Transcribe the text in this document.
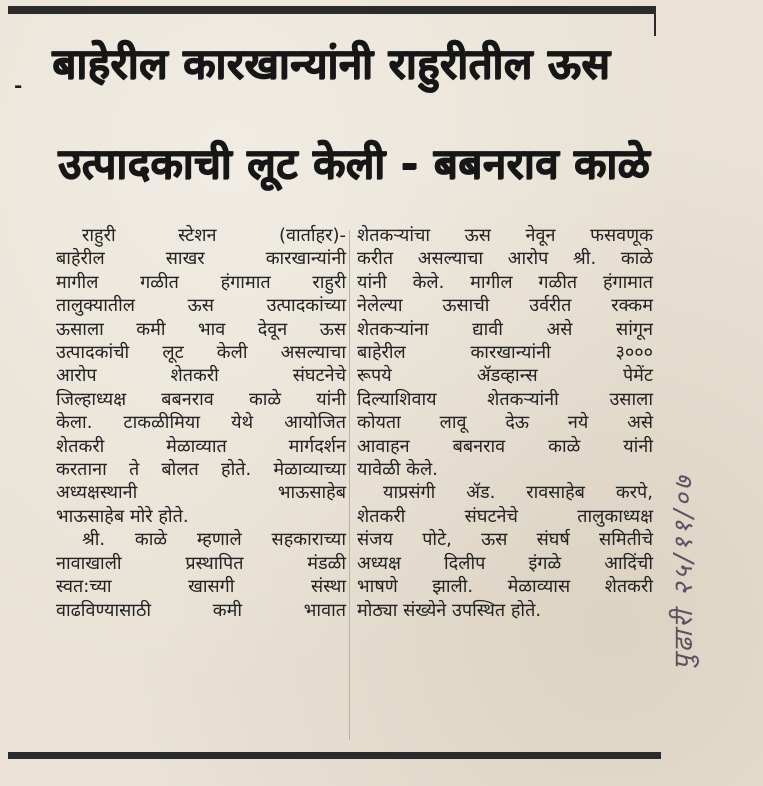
- बाहेरील कारखान्यांनी राहुरीतील ऊस
उत्पादकाची लूट केली - बबनराव काळे

राहुरी स्टेशन (वार्ताहर)-

बाहेरील साखर कारखान्यांनी

मागील गळीत हंगामात राहुरी

तालुक्यातील ऊस उत्पादकांच्या

ऊसाला कमी भाव देवून ऊस

उत्पादकांची लूट केली असल्याचा

आरोप शेतकरी संघटनेचे

जिल्हाध्यक्ष बबनराव काळे यांनी

केला. टाकळीमिया येथे आयोजित

शेतकरी मेळाव्यात मार्गदर्शन

करताना ते बोलत होते. मेळाव्याच्या

अध्यक्षस्थानी भाऊसाहेब

भाऊसाहेब मोरे होते.

श्री. काळे म्हणाले सहकाराच्या

नावाखाली प्रस्थापित मंडळी

स्वत:च्या खासगी संस्था

वाढविण्यासाठी कमी भावात

शेतकऱ्यांचा ऊस नेवून फसवणूक

करीत असल्याचा आरोप श्री. काळे

यांनी केले. मागील गळीत हंगामात

नेलेल्या ऊसाची उर्वरीत रक्कम

शेतकऱ्यांना द्यावी असे सांगून

बाहेरील कारखान्यांनी ३०००

रूपये ॲडव्हान्स पेमेंट

दिल्याशिवाय शेतकऱ्यांनी उसाला

कोयता लावू देऊ नये असे

आवाहन बबनराव काळे यांनी

यावेळी केले.

याप्रसंगी ॲड. रावसाहेब करपे,

शेतकरी संघटनेचे तालुकाध्यक्ष

संजय पोटे, ऊस संघर्ष समितीचे

अध्यक्ष दिलीप इंगळे आदिंची

भाषणे झाली. मेळाव्यास शेतकरी

मोठ्या संख्येने उपस्थित होते.	पुढारी २५/११/०७
